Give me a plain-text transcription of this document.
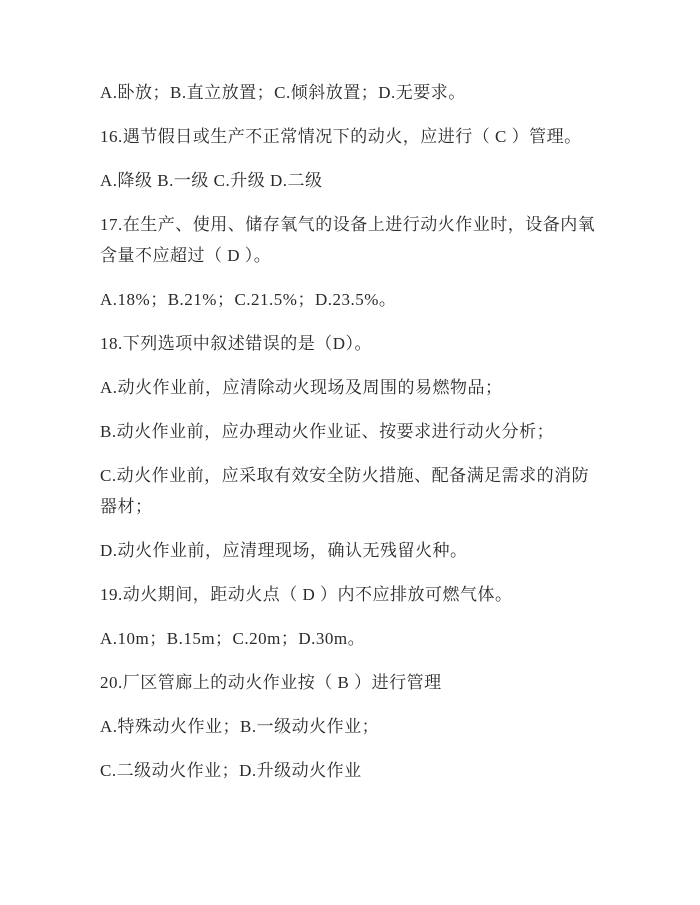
A.卧放；B.直立放置；C.倾斜放置；D.无要求。
16.遇节假日或生产不正常情况下的动火，应进行（ C ）管理。
A.降级 B.一级 C.升级 D.二级
17.在生产、使用、储存氧气的设备上进行动火作业时，设备内氧
含量不应超过（ D ）。
A.18%；B.21%；C.21.5%；D.23.5%。
18.下列选项中叙述错误的是（D）。
A.动火作业前，应清除动火现场及周围的易燃物品；
B.动火作业前，应办理动火作业证、按要求进行动火分析；
C.动火作业前，应采取有效安全防火措施、配备满足需求的消防
器材；
D.动火作业前，应清理现场，确认无残留火种。
19.动火期间，距动火点（ D ）内不应排放可燃气体。
A.10m；B.15m；C.20m；D.30m。
20.厂区管廊上的动火作业按（ B ）进行管理
A.特殊动火作业；B.一级动火作业；
C.二级动火作业；D.升级动火作业
